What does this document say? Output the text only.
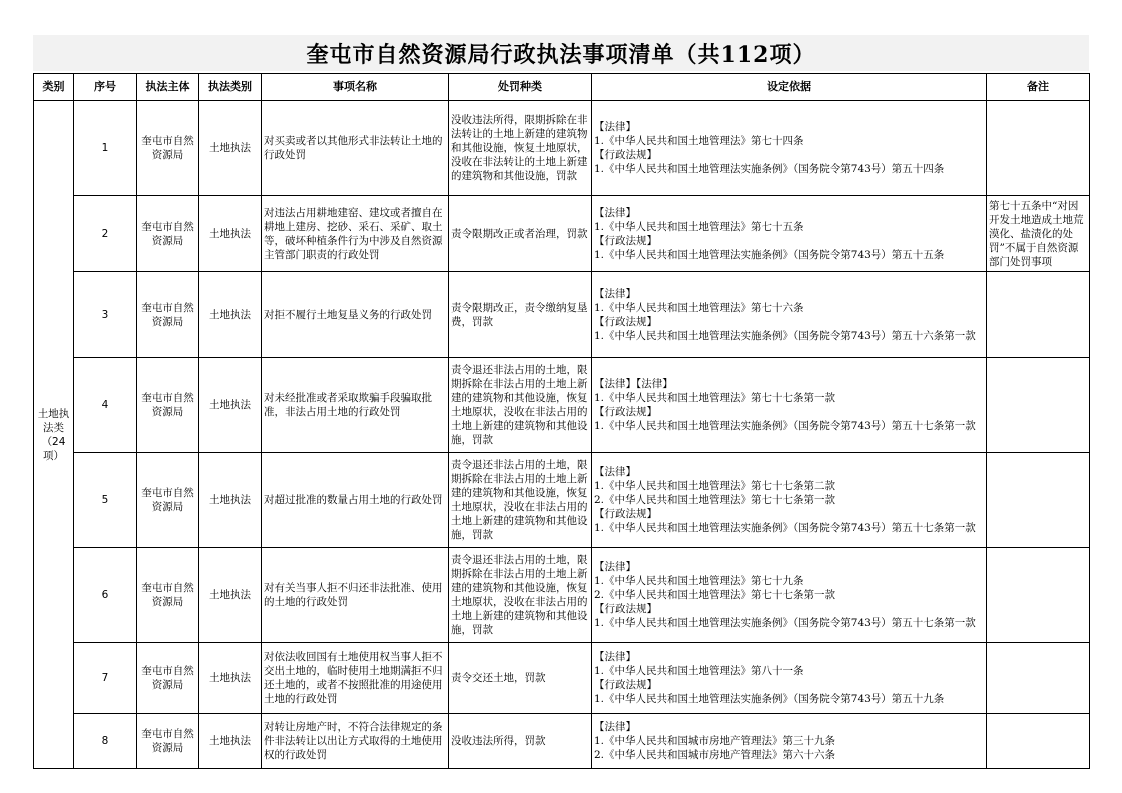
奎屯市自然资源局行政执法事项清单（共112项）
类别	序号	执法主体	执法类别	事项名称	处罚种类	设定依据	备注
土地执法类（24项）	1	奎屯市自然资源局	土地执法	对买卖或者以其他形式非法转让土地的行政处罚	没收违法所得，限期拆除在非法转让的土地上新建的建筑物和其他设施，恢复土地原状，没收在非法转让的土地上新建的建筑物和其他设施，罚款	【法律】
1.《中华人民共和国土地管理法》第七十四条
【行政法规】
1.《中华人民共和国土地管理法实施条例》（国务院令第743号）第五十四条	
	2	奎屯市自然资源局	土地执法	对违法占用耕地建窑、建坟或者擅自在耕地上建房、挖砂、采石、采矿、取土等，破坏种植条件行为中涉及自然资源主管部门职责的行政处罚	责令限期改正或者治理，罚款	【法律】
1.《中华人民共和国土地管理法》第七十五条
【行政法规】
1.《中华人民共和国土地管理法实施条例》（国务院令第743号）第五十五条	第七十五条中“对因开发土地造成土地荒漠化、盐渍化的处罚”不属于自然资源部门处罚事项
	3	奎屯市自然资源局	土地执法	对拒不履行土地复垦义务的行政处罚	责令限期改正，责令缴纳复垦费，罚款	【法律】
1.《中华人民共和国土地管理法》第七十六条
【行政法规】
1.《中华人民共和国土地管理法实施条例》（国务院令第743号）第五十六条第一款	
	4	奎屯市自然资源局	土地执法	对未经批准或者采取欺骗手段骗取批准，非法占用土地的行政处罚	责令退还非法占用的土地，限期拆除在非法占用的土地上新建的建筑物和其他设施，恢复土地原状，没收在非法占用的土地上新建的建筑物和其他设施，罚款	【法律】【法律】
1.《中华人民共和国土地管理法》第七十七条第一款
【行政法规】
1.《中华人民共和国土地管理法实施条例》（国务院令第743号）第五十七条第一款	
	5	奎屯市自然资源局	土地执法	对超过批准的数量占用土地的行政处罚	责令退还非法占用的土地，限期拆除在非法占用的土地上新建的建筑物和其他设施，恢复土地原状，没收在非法占用的土地上新建的建筑物和其他设施，罚款	【法律】
1.《中华人民共和国土地管理法》第七十七条第二款
2.《中华人民共和国土地管理法》第七十七条第一款
【行政法规】
1.《中华人民共和国土地管理法实施条例》（国务院令第743号）第五十七条第一款	
	6	奎屯市自然资源局	土地执法	对有关当事人拒不归还非法批准、使用的土地的行政处罚	责令退还非法占用的土地，限期拆除在非法占用的土地上新建的建筑物和其他设施，恢复土地原状，没收在非法占用的土地上新建的建筑物和其他设施，罚款	【法律】
1.《中华人民共和国土地管理法》第七十九条
2.《中华人民共和国土地管理法》第七十七条第一款
【行政法规】
1.《中华人民共和国土地管理法实施条例》（国务院令第743号）第五十七条第一款	
	7	奎屯市自然资源局	土地执法	对依法收回国有土地使用权当事人拒不交出土地的，临时使用土地期满拒不归还土地的，或者不按照批准的用途使用土地的行政处罚	责令交还土地，罚款	【法律】
1.《中华人民共和国土地管理法》第八十一条
【行政法规】
1.《中华人民共和国土地管理法实施条例》（国务院令第743号）第五十九条	
	8	奎屯市自然资源局	土地执法	对转让房地产时，不符合法律规定的条件非法转让以出让方式取得的土地使用权的行政处罚	没收违法所得，罚款	【法律】
1.《中华人民共和国城市房地产管理法》第三十九条
2.《中华人民共和国城市房地产管理法》第六十六条	
